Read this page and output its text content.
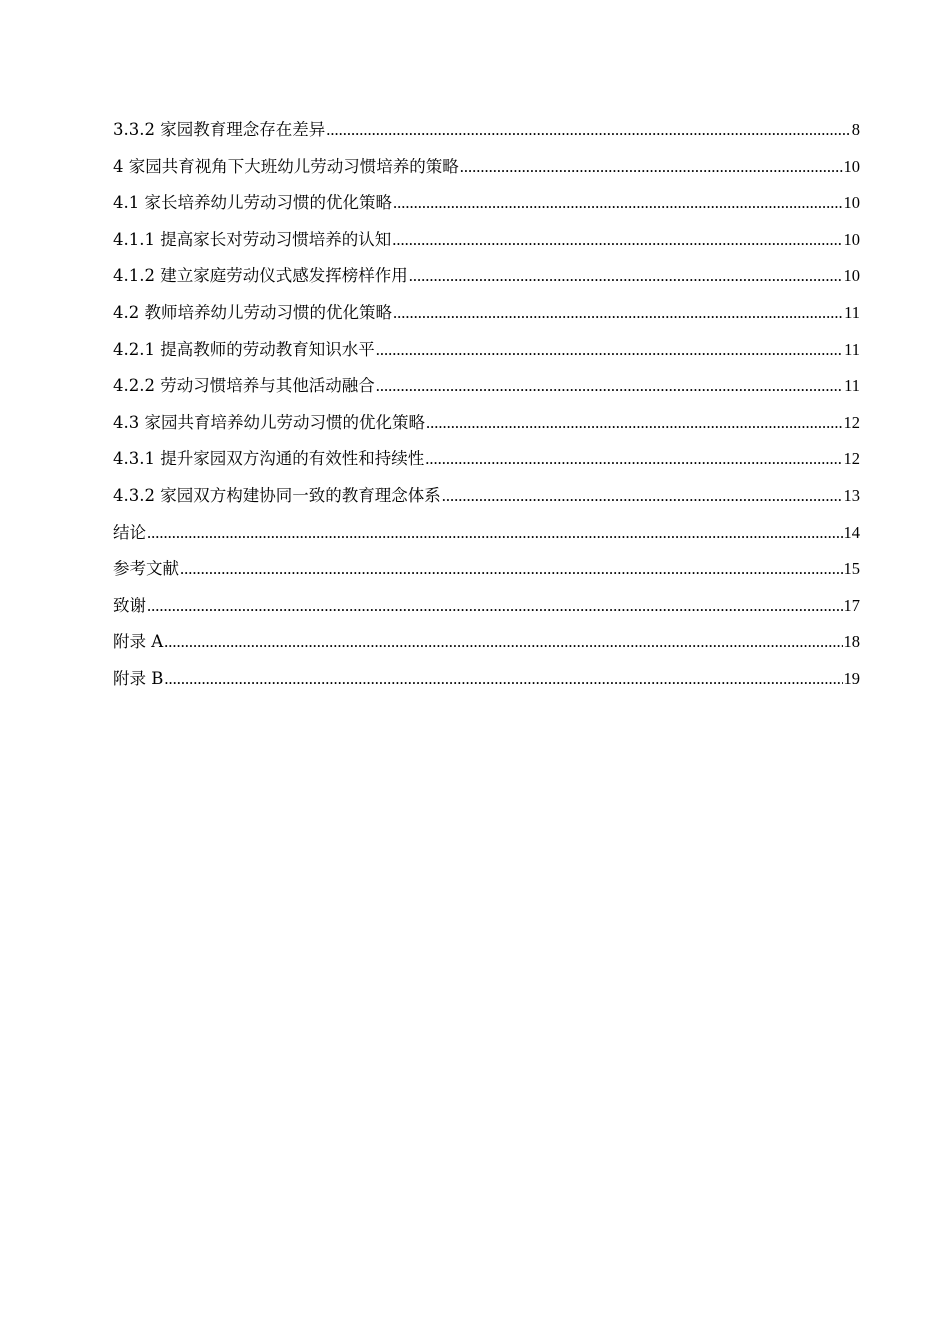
3.3.2 家园教育理念存在差异 .....	8
4 家园共育视角下大班幼儿劳动习惯培养的策略 .....	10
4.1 家长培养幼儿劳动习惯的优化策略 .....	10
4.1.1 提高家长对劳动习惯培养的认知 .....	10
4.1.2 建立家庭劳动仪式感发挥榜样作用 .....	10
4.2 教师培养幼儿劳动习惯的优化策略 .....	11
4.2.1 提高教师的劳动教育知识水平 .....	11
4.2.2 劳动习惯培养与其他活动融合 .....	11
4.3 家园共育培养幼儿劳动习惯的优化策略 .....	12
4.3.1 提升家园双方沟通的有效性和持续性 .....	12
4.3.2 家园双方构建协同一致的教育理念体系 .....	13
结论 .....	14
参考文献 .....	15
致谢 .....	17
附录 A .....	18
附录 B .....	19
